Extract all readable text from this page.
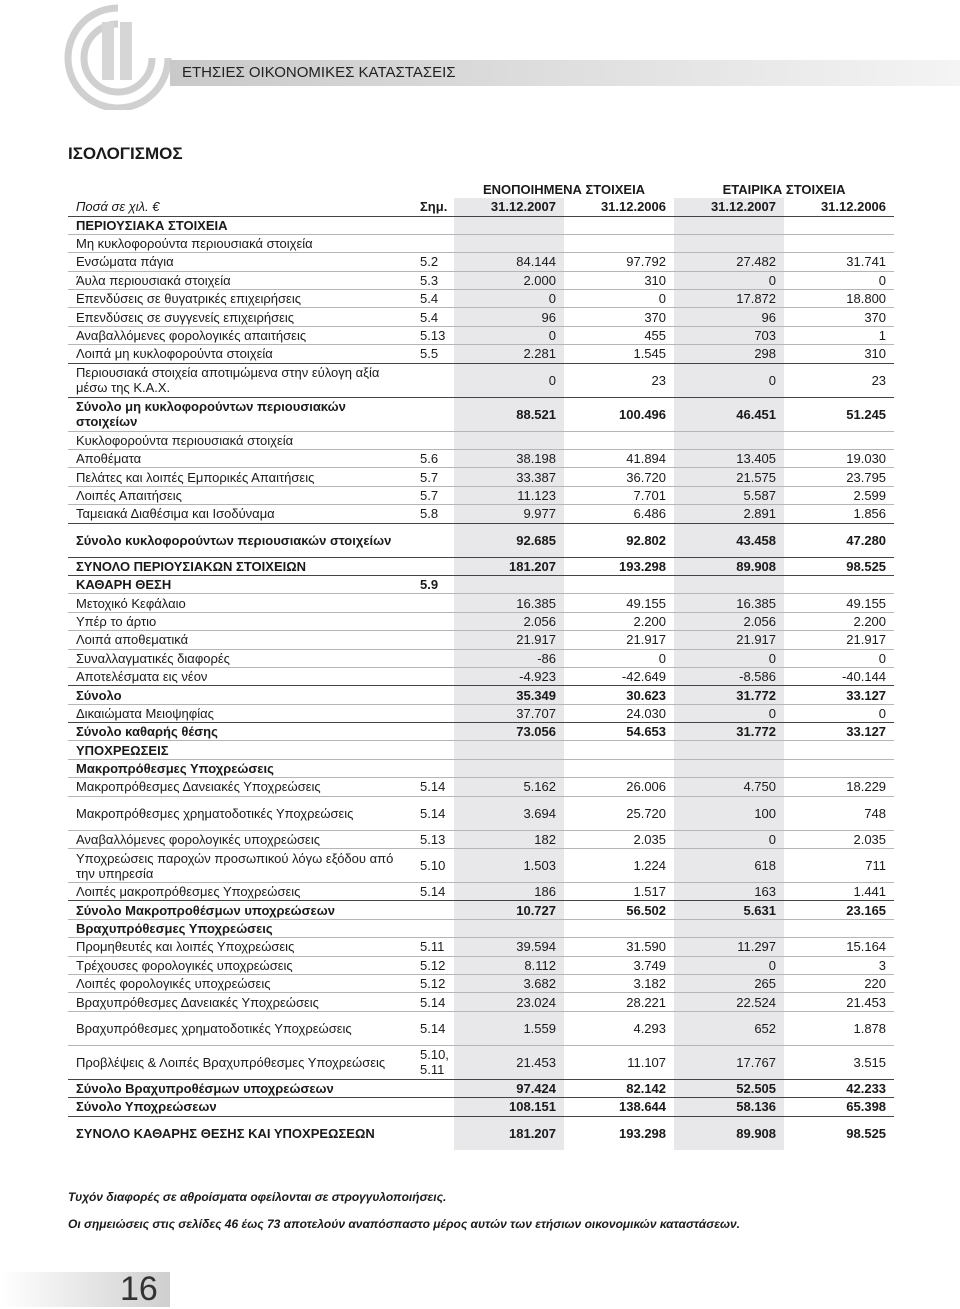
ΕΤΗΣΙΕΣ ΟΙΚΟΝΟΜΙΚΕΣ ΚΑΤΑΣΤΑΣΕΙΣ
ΙΣΟΛΟΓΙΣΜΟΣ
		ΕΝΟΠΟΙΗΜΕΝΑ ΣΤΟΙΧΕΙΑ		ΕΤΑΙΡΙΚΑ ΣΤΟΙΧΕΙΑ	
Ποσά σε χιλ. €	Σημ.	31.12.2007	31.12.2006	31.12.2007	31.12.2006
ΠΕΡΙΟΥΣΙΑΚΑ ΣΤΟΙΧΕΙΑ					
Μη κυκλοφορούντα περιουσιακά στοιχεία					
Ενσώματα πάγια	5.2	84.144	97.792	27.482	31.741
Άυλα περιουσιακά στοιχεία	5.3	2.000	310	0	0
Επενδύσεις σε θυγατρικές επιχειρήσεις	5.4	0	0	17.872	18.800
Επενδύσεις σε συγγενείς επιχειρήσεις	5.4	96	370	96	370
Αναβαλλόμενες φορολογικές απαιτήσεις	5.13	0	455	703	1
Λοιπά μη κυκλοφορούντα στοιχεία	5.5	2.281	1.545	298	310
Περιουσιακά στοιχεία αποτιμώμενα στην εύλογη αξία μέσω της Κ.Α.Χ.		0	23	0	23
Σύνολο μη κυκλοφορούντων περιουσιακών στοιχείων		88.521	100.496	46.451	51.245
Κυκλοφορούντα περιουσιακά στοιχεία					
Αποθέματα	5.6	38.198	41.894	13.405	19.030
Πελάτες και λοιπές Εμπορικές Απαιτήσεις	5.7	33.387	36.720	21.575	23.795
Λοιπές Απαιτήσεις	5.7	11.123	7.701	5.587	2.599
Ταμειακά Διαθέσιμα και Ισοδύναμα	5.8	9.977	6.486	2.891	1.856
Σύνολο κυκλοφορούντων περιουσιακών στοιχείων		92.685	92.802	43.458	47.280
ΣΥΝΟΛΟ ΠΕΡΙΟΥΣΙΑΚΩΝ ΣΤΟΙΧΕΙΩΝ		181.207	193.298	89.908	98.525
ΚΑΘΑΡΗ ΘΕΣΗ	5.9				
Μετοχικό Κεφάλαιο		16.385	49.155	16.385	49.155
Υπέρ το άρτιο		2.056	2.200	2.056	2.200
Λοιπά αποθεματικά		21.917	21.917	21.917	21.917
Συναλλαγματικές διαφορές		-86	0	0	0
Αποτελέσματα εις νέον		-4.923	-42.649	-8.586	-40.144
Σύνολο		35.349	30.623	31.772	33.127
Δικαιώματα Μειοψηφίας		37.707	24.030	0	0
Σύνολο καθαρής θέσης		73.056	54.653	31.772	33.127
ΥΠΟΧΡΕΩΣΕΙΣ					
Μακροπρόθεσμες Υποχρεώσεις					
Μακροπρόθεσμες Δανειακές Υποχρεώσεις	5.14	5.162	26.006	4.750	18.229
Μακροπρόθεσμες χρηματοδοτικές Υποχρεώσεις	5.14	3.694	25.720	100	748
Αναβαλλόμενες φορολογικές υποχρεώσεις	5.13	182	2.035	0	2.035
Υποχρεώσεις παροχών προσωπικού λόγω εξόδου από την υπηρεσία	5.10	1.503	1.224	618	711
Λοιπές μακροπρόθεσμες Υποχρεώσεις	5.14	186	1.517	163	1.441
Σύνολο Μακροπροθέσμων υποχρεώσεων		10.727	56.502	5.631	23.165
Βραχυπρόθεσμες Υποχρεώσεις					
Προμηθευτές και λοιπές Υποχρεώσεις	5.11	39.594	31.590	11.297	15.164
Τρέχουσες φορολογικές υποχρεώσεις	5.12	8.112	3.749	0	3
Λοιπές φορολογικές υποχρεώσεις	5.12	3.682	3.182	265	220
Βραχυπρόθεσμες Δανειακές Υποχρεώσεις	5.14	23.024	28.221	22.524	21.453
Βραχυπρόθεσμες χρηματοδοτικές Υποχρεώσεις	5.14	1.559	4.293	652	1.878
Προβλέψεις & Λοιπές Βραχυπρόθεσμες Υποχρεώσεις	5.10, 5.11	21.453	11.107	17.767	3.515
Σύνολο Βραχυπροθέσμων υποχρεώσεων		97.424	82.142	52.505	42.233
Σύνολο Υποχρεώσεων		108.151	138.644	58.136	65.398
ΣΥΝΟΛΟ ΚΑΘΑΡΗΣ ΘΕΣΗΣ ΚΑΙ ΥΠΟΧΡΕΩΣΕΩΝ		181.207	193.298	89.908	98.525
Τυχόν διαφορές σε αθροίσματα οφείλονται σε στρογγυλοποιήσεις.
Οι σημειώσεις στις σελίδες 46 έως 73 αποτελούν αναπόσπαστο μέρος αυτών των ετήσιων οικονομικών καταστάσεων.
16
